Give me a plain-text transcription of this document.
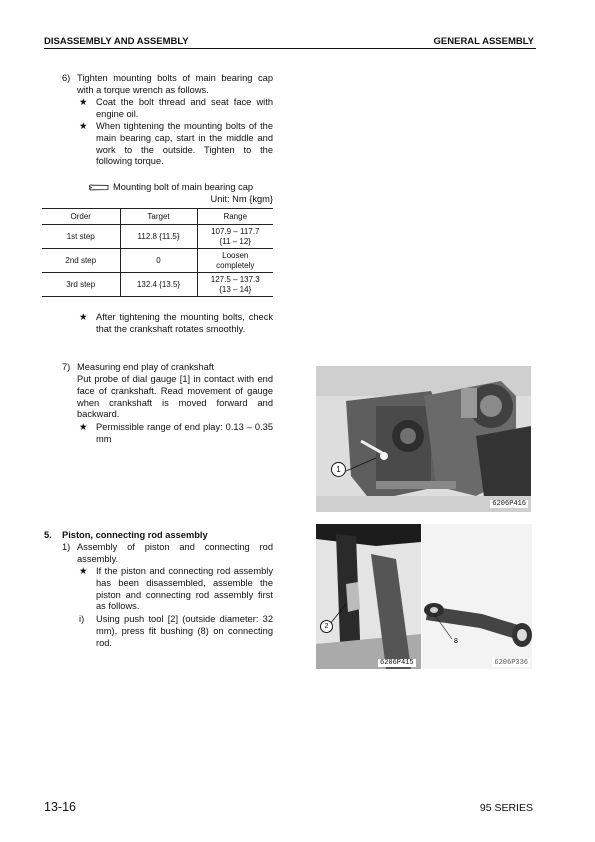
DISASSEMBLY AND ASSEMBLY	GENERAL ASSEMBLY
6) Tighten mounting bolts of main bearing cap with a torque wrench as follows.
★ Coat the bolt thread and seat face with engine oil.
★ When tightening the mounting bolts of the main bearing cap, start in the middle and work to the outside. Tighten to the following torque.
Mounting bolt of main bearing cap
Unit: Nm {kgm}
Order	Target	Range
1st step	112.8 {11.5}	107.9 – 117.7
{11 – 12}
2nd step	0	Loosen
completely
3rd step	132.4 {13.5}	127.5 – 137.3
{13 – 14}
★ After tightening the mounting bolts, check that the crankshaft rotates smoothly.
7) Measuring end play of crankshaft
Put probe of dial gauge [1] in contact with end face of crankshaft. Read movement of gauge when crankshaft is moved forward and backward.
★ Permissible range of end play: 0.13 – 0.35 mm
1
6206P416
5. Piston, connecting rod assembly
1) Assembly of piston and connecting rod assembly.
★ If the piston and connecting rod assembly has been disassembled, assemble the piston and connecting rod assembly first as follows.
i) Using push tool [2] (outside diameter: 32 mm), press fit bushing (8) on connecting rod.
2
6206P415
8
6206P336
13-16	95 SERIES
